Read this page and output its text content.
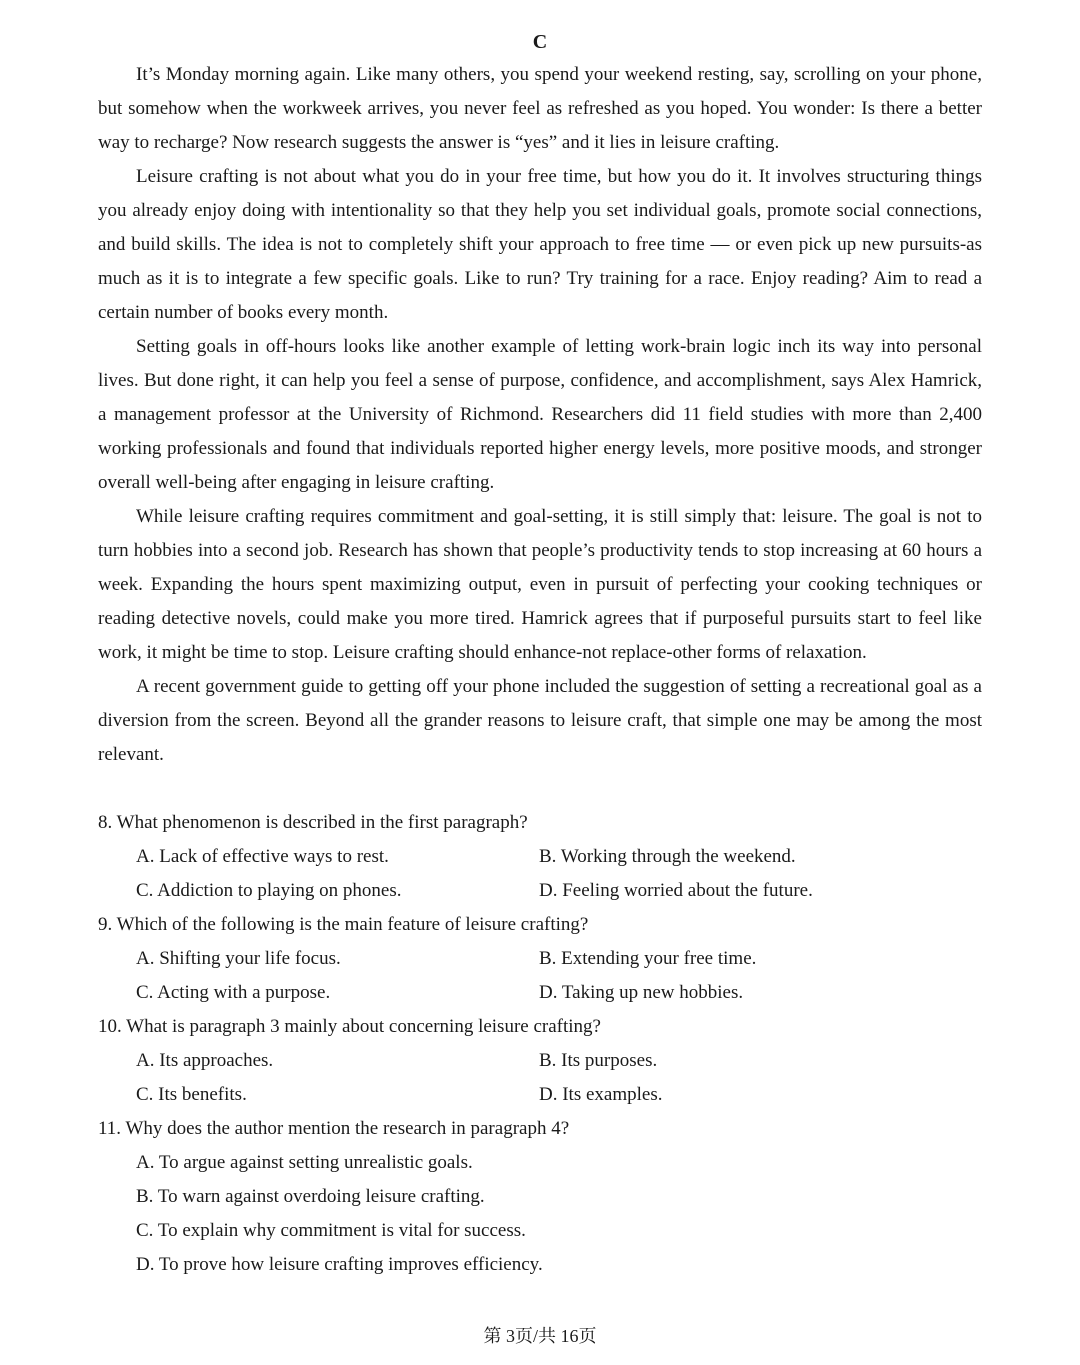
C

It’s Monday morning again. Like many others, you spend your weekend resting, say, scrolling on your phone, but somehow when the workweek arrives, you never feel as refreshed as you hoped. You wonder: Is there a better way to recharge? Now research suggests the answer is “yes” and it lies in leisure crafting.

Leisure crafting is not about what you do in your free time, but how you do it. It involves structuring things you already enjoy doing with intentionality so that they help you set individual goals, promote social connections, and build skills. The idea is not to completely shift your approach to free time — or even pick up new pursuits-as much as it is to integrate a few specific goals. Like to run? Try training for a race. Enjoy reading? Aim to read a certain number of books every month.

Setting goals in off-hours looks like another example of letting work-brain logic inch its way into personal lives. But done right, it can help you feel a sense of purpose, confidence, and accomplishment, says Alex Hamrick, a management professor at the University of Richmond. Researchers did 11 field studies with more than 2,400 working professionals and found that individuals reported higher energy levels, more positive moods, and stronger overall well-being after engaging in leisure crafting.

While leisure crafting requires commitment and goal-setting, it is still simply that: leisure. The goal is not to turn hobbies into a second job. Research has shown that people’s productivity tends to stop increasing at 60 hours a week. Expanding the hours spent maximizing output, even in pursuit of perfecting your cooking techniques or reading detective novels, could make you more tired. Hamrick agrees that if purposeful pursuits start to feel like work, it might be time to stop. Leisure crafting should enhance-not replace-other forms of relaxation.

A recent government guide to getting off your phone included the suggestion of setting a recreational goal as a diversion from the screen. Beyond all the grander reasons to leisure craft, that simple one may be among the most relevant.

8. What phenomenon is described in the first paragraph?
A. Lack of effective ways to rest.	B. Working through the weekend.
C. Addiction to playing on phones.	D. Feeling worried about the future.
9. Which of the following is the main feature of leisure crafting?
A. Shifting your life focus.	B. Extending your free time.
C. Acting with a purpose.	D. Taking up new hobbies.
10. What is paragraph 3 mainly about concerning leisure crafting?
A. Its approaches.	B. Its purposes.
C. Its benefits.	D. Its examples.
11. Why does the author mention the research in paragraph 4?
A. To argue against setting unrealistic goals.
B. To warn against overdoing leisure crafting.
C. To explain why commitment is vital for success.
D. To prove how leisure crafting improves efficiency.
第 3页/共 16页
